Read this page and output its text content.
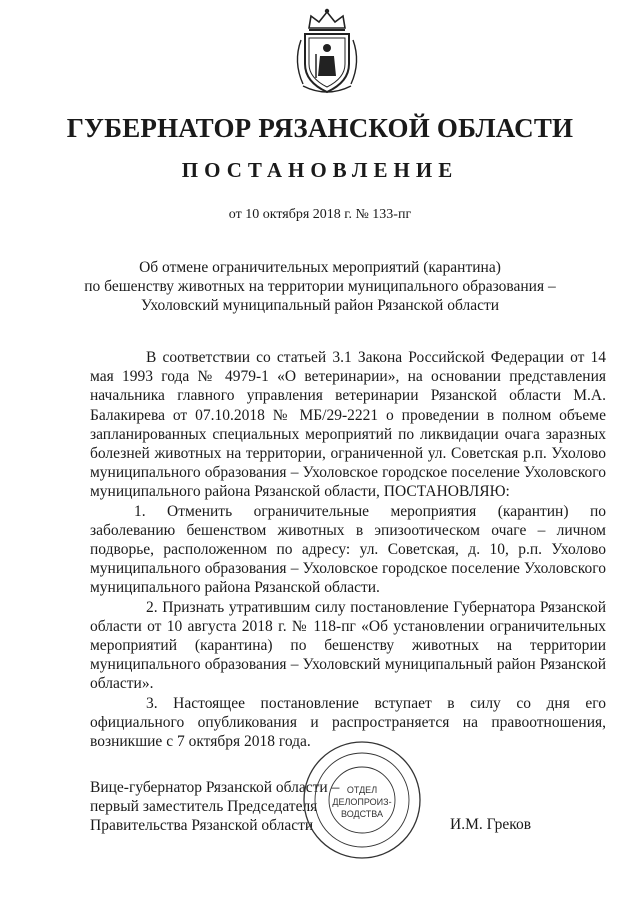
ГУБЕРНАТОР РЯЗАНСКОЙ ОБЛАСТИ
ПОСТАНОВЛЕНИЕ
от 10 октября 2018 г. № 133-пг
Об отмене ограничительных мероприятий (карантина)
по бешенству животных на территории муниципального образования –
Ухоловский муниципальный район Рязанской области

В соответствии со статьей 3.1 Закона Российской Федерации от 14 мая 1993 года № 4979-1 «О ветеринарии», на основании представления начальника главного управления ветеринарии Рязанской области М.А. Балакирева от 07.10.2018 № МБ/29-2221 о проведении в полном объеме запланированных специальных мероприятий по ликвидации очага заразных болезней животных на территории, ограниченной ул. Советская р.п. Ухолово муниципального образования – Ухоловское городское поселение Ухоловского муниципального района Рязанской области, ПОСТАНОВЛЯЮ:

1. Отменить ограничительные мероприятия (карантин) по заболеванию бешенством животных в эпизоотическом очаге – личном подворье, расположенном по адресу: ул. Советская, д. 10, р.п. Ухолово муниципального образования – Ухоловское городское поселение Ухоловского муниципального района Рязанской области.

2. Признать утратившим силу постановление Губернатора Рязанской области от 10 августа 2018 г. № 118-пг «Об установлении ограничительных мероприятий (карантина) по бешенству животных на территории муниципального образования – Ухоловский муниципальный район Рязанской области».

3. Настоящее постановление вступает в силу со дня его официального опубликования и распространяется на правоотношения, возникшие с 7 октября 2018 года.

Вице-губернатор Рязанской области –
первый заместитель Председателя
Правительства Рязанской области	И.М. Греков
ОТДЕЛ
ДЕЛОПРОИЗ-
ВОДСТВА
